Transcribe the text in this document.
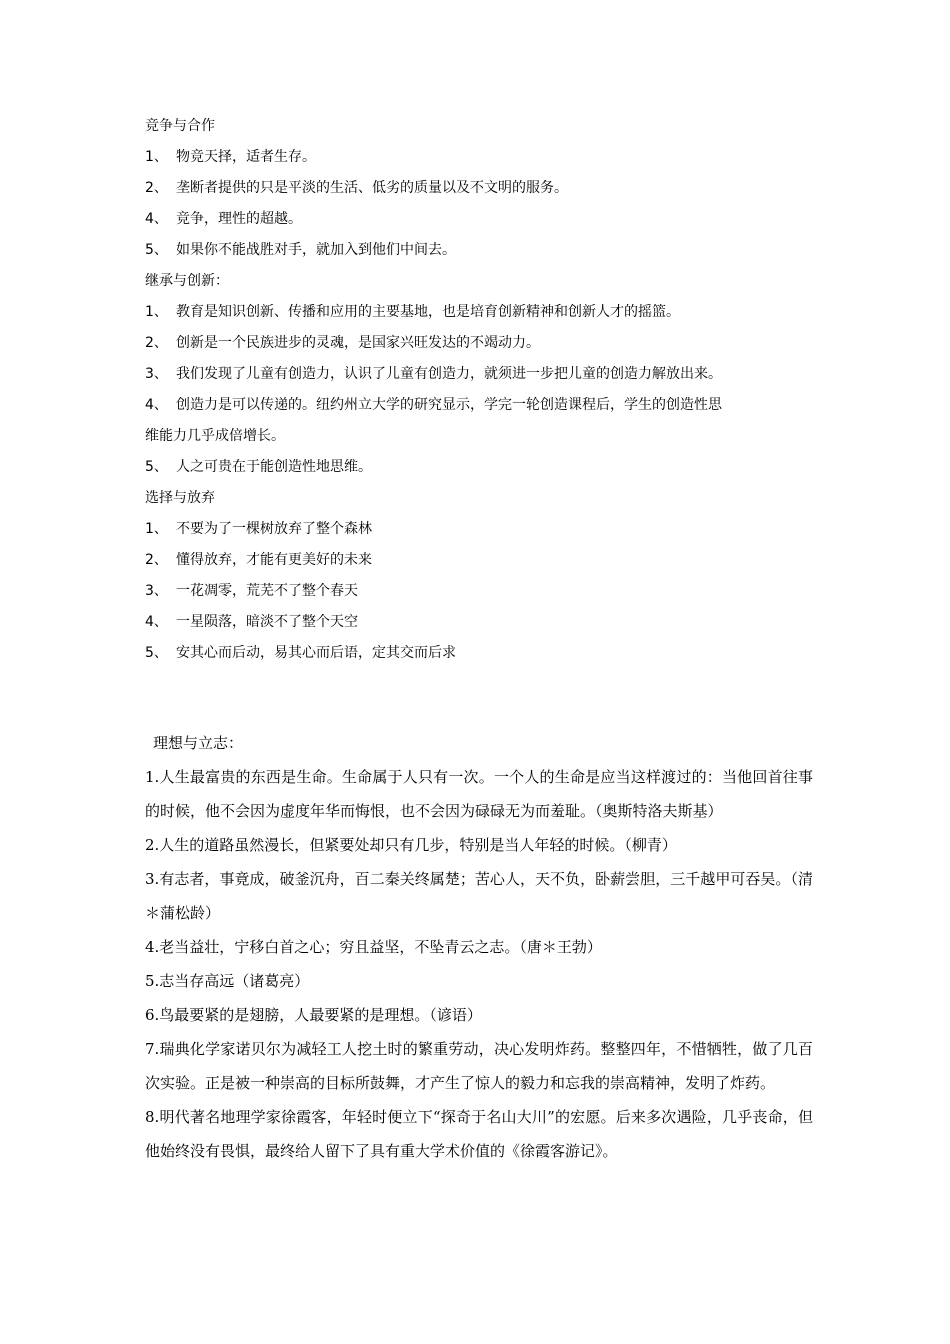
竞争与合作
1、 物竞天择，适者生存。
2、 垄断者提供的只是平淡的生活、低劣的质量以及不文明的服务。
4、 竞争，理性的超越。
5、 如果你不能战胜对手，就加入到他们中间去。
继承与创新：
1、 教育是知识创新、传播和应用的主要基地，也是培育创新精神和创新人才的摇篮。
2、 创新是一个民族进步的灵魂，是国家兴旺发达的不竭动力。
3、 我们发现了儿童有创造力，认识了儿童有创造力，就须进一步把儿童的创造力解放出来。
4、 创造力是可以传递的。纽约州立大学的研究显示，学完一轮创造课程后，学生的创造性思
维能力几乎成倍增长。
5、 人之可贵在于能创造性地思维。
选择与放弃
1、 不要为了一棵树放弃了整个森林
2、 懂得放弃，才能有更美好的未来
3、 一花凋零，荒芜不了整个春天
4、 一星陨落，暗淡不了整个天空
5、 安其心而后动，易其心而后语，定其交而后求
理想与立志：

1.人生最富贵的东西是生命。生命属于人只有一次。一个人的生命是应当这样渡过的：当他回首往事的时候，他不会因为虚度年华而悔恨，也不会因为碌碌无为而羞耻。（奥斯特洛夫斯基）

2.人生的道路虽然漫长，但紧要处却只有几步，特别是当人年轻的时候。（柳青）

3.有志者，事竟成，破釜沉舟，百二秦关终属楚；苦心人，天不负，卧薪尝胆，三千越甲可吞吴。（清＊蒲松龄）

4.老当益壮，宁移白首之心；穷且益坚，不坠青云之志。（唐＊王勃）

5.志当存高远（诸葛亮）

6.鸟最要紧的是翅膀，人最要紧的是理想。（谚语）

7.瑞典化学家诺贝尔为减轻工人挖土时的繁重劳动，决心发明炸药。整整四年，不惜牺牲，做了几百次实验。正是被一种崇高的目标所鼓舞，才产生了惊人的毅力和忘我的崇高精神，发明了炸药。

8.明代著名地理学家徐霞客，年轻时便立下“探奇于名山大川”的宏愿。后来多次遇险，几乎丧命，但他始终没有畏惧，最终给人留下了具有重大学术价值的《徐霞客游记》。
